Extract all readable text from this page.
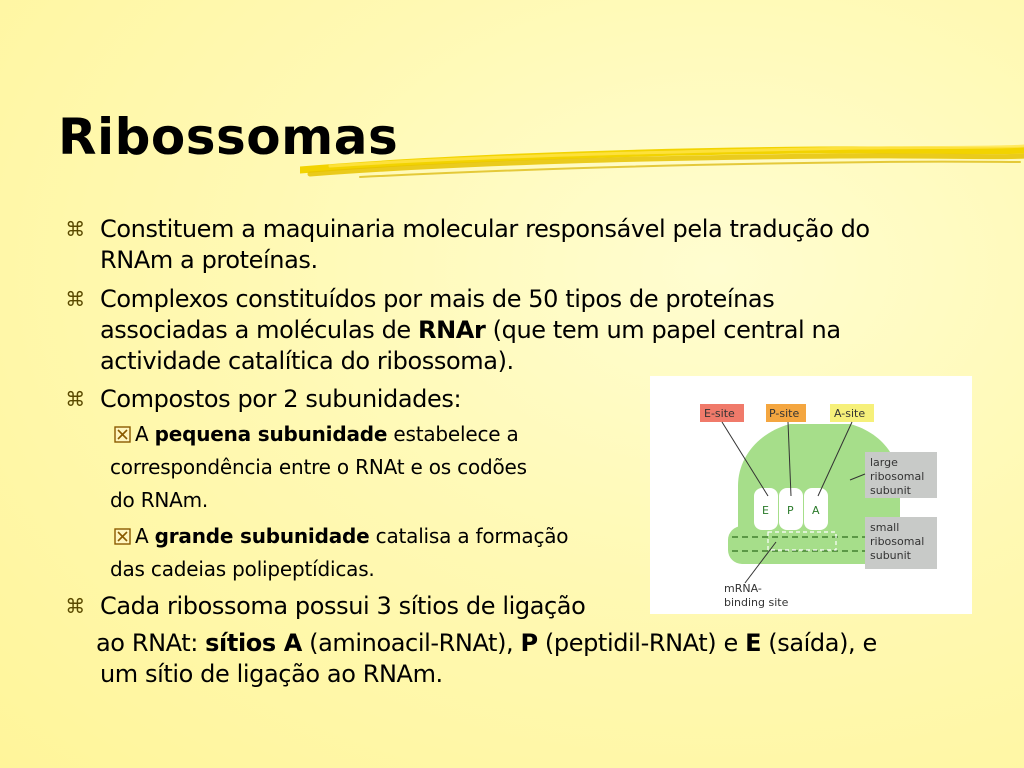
Ribossomas
⌘ Constituem a maquinaria molecular responsável pela tradução do
RNAm a proteínas.
⌘ Complexos constituídos por mais de 50 tipos de proteínas
associadas a moléculas de RNAr (que tem um papel central na
actividade catalítica do ribossoma).
⌘ Compostos por 2 subunidades:
A pequena subunidade estabelece a
correspondência entre o RNAt e os codões
do RNAm.
A grande subunidade catalisa a formação
das cadeias polipeptídicas.
⌘ Cada ribossoma possui 3 sítios de ligação
ao RNAt: sítios A (aminoacil-RNAt), P (peptidil-RNAt) e E (saída), e
um sítio de ligação ao RNAm.
E P A
E-site	P-site	A-site
large
ribosomal
subunit
small
ribosomal
subunit
mRNA-
binding site
